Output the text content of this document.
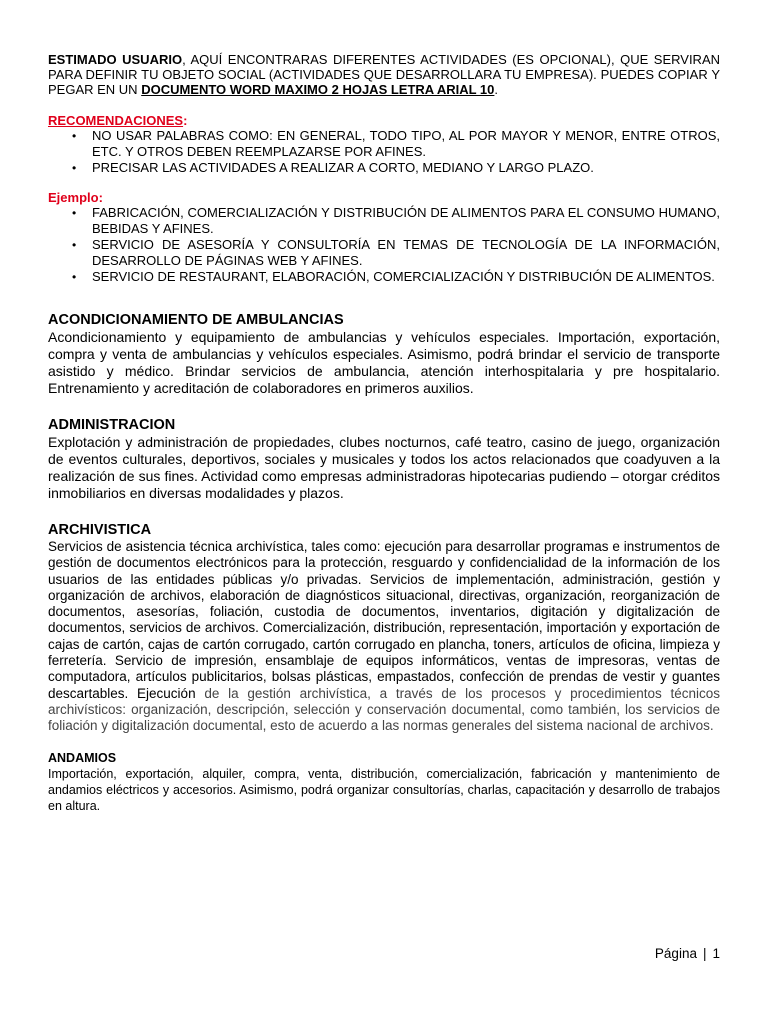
ESTIMADO USUARIO, AQUÍ ENCONTRARAS DIFERENTES ACTIVIDADES (ES OPCIONAL), QUE SERVIRAN PARA DEFINIR TU OBJETO SOCIAL (ACTIVIDADES QUE DESARROLLARA TU EMPRESA). PUEDES COPIAR Y PEGAR EN UN DOCUMENTO WORD MAXIMO 2 HOJAS LETRA ARIAL 10.

RECOMENDACIONES:
• NO USAR PALABRAS COMO: EN GENERAL, TODO TIPO, AL POR MAYOR Y MENOR, ENTRE OTROS, ETC. Y OTROS DEBEN REEMPLAZARSE POR AFINES.
• PRECISAR LAS ACTIVIDADES A REALIZAR A CORTO, MEDIANO Y LARGO PLAZO.
Ejemplo:
• FABRICACIÓN, COMERCIALIZACIÓN Y DISTRIBUCIÓN DE ALIMENTOS PARA EL CONSUMO HUMANO, BEBIDAS Y AFINES.
• SERVICIO DE ASESORÍA Y CONSULTORÍA EN TEMAS DE TECNOLOGÍA DE LA INFORMACIÓN, DESARROLLO DE PÁGINAS WEB Y AFINES.
• SERVICIO DE RESTAURANT, ELABORACIÓN, COMERCIALIZACIÓN Y DISTRIBUCIÓN DE ALIMENTOS.
ACONDICIONAMIENTO DE AMBULANCIAS

Acondicionamiento y equipamiento de ambulancias y vehículos especiales. Importación, exportación, compra y venta de ambulancias y vehículos especiales. Asimismo, podrá brindar el servicio de transporte asistido y médico. Brindar servicios de ambulancia, atención interhospitalaria y pre hospitalario. Entrenamiento y acreditación de colaboradores en primeros auxilios.

ADMINISTRACION

Explotación y administración de propiedades, clubes nocturnos, café teatro, casino de juego, organización de eventos culturales, deportivos, sociales y musicales y todos los actos relacionados que coadyuven a la realización de sus fines. Actividad como empresas administradoras hipotecarias pudiendo – otorgar créditos inmobiliarios en diversas modalidades y plazos.

ARCHIVISTICA

Servicios de asistencia técnica archivística, tales como: ejecución para desarrollar programas e instrumentos de gestión de documentos electrónicos para la protección, resguardo y confidencialidad de la información de los usuarios de las entidades públicas y/o privadas. Servicios de implementación, administración, gestión y organización de archivos, elaboración de diagnósticos situacional, directivas, organización, reorganización de documentos, asesorías, foliación, custodia de documentos, inventarios, digitación y digitalización de documentos, servicios de archivos. Comercialización, distribución, representación, importación y exportación de cajas de cartón, cajas de cartón corrugado, cartón corrugado en plancha, toners, artículos de oficina, limpieza y ferretería. Servicio de impresión, ensamblaje de equipos informáticos, ventas de impresoras, ventas de computadora, artículos publicitarios, bolsas plásticas, empastados, confección de prendas de vestir y guantes descartables. Ejecución de la gestión archivística, a través de los procesos y procedimientos técnicos archivísticos: organización, descripción, selección y conservación documental, como también, los servicios de foliación y digitalización documental, esto de acuerdo a las normas generales del sistema nacional de archivos.

ANDAMIOS

Importación, exportación, alquiler, compra, venta, distribución, comercialización, fabricación y mantenimiento de andamios eléctricos y accesorios. Asimismo, podrá organizar consultorías, charlas, capacitación y desarrollo de trabajos en altura.

Página | 1
